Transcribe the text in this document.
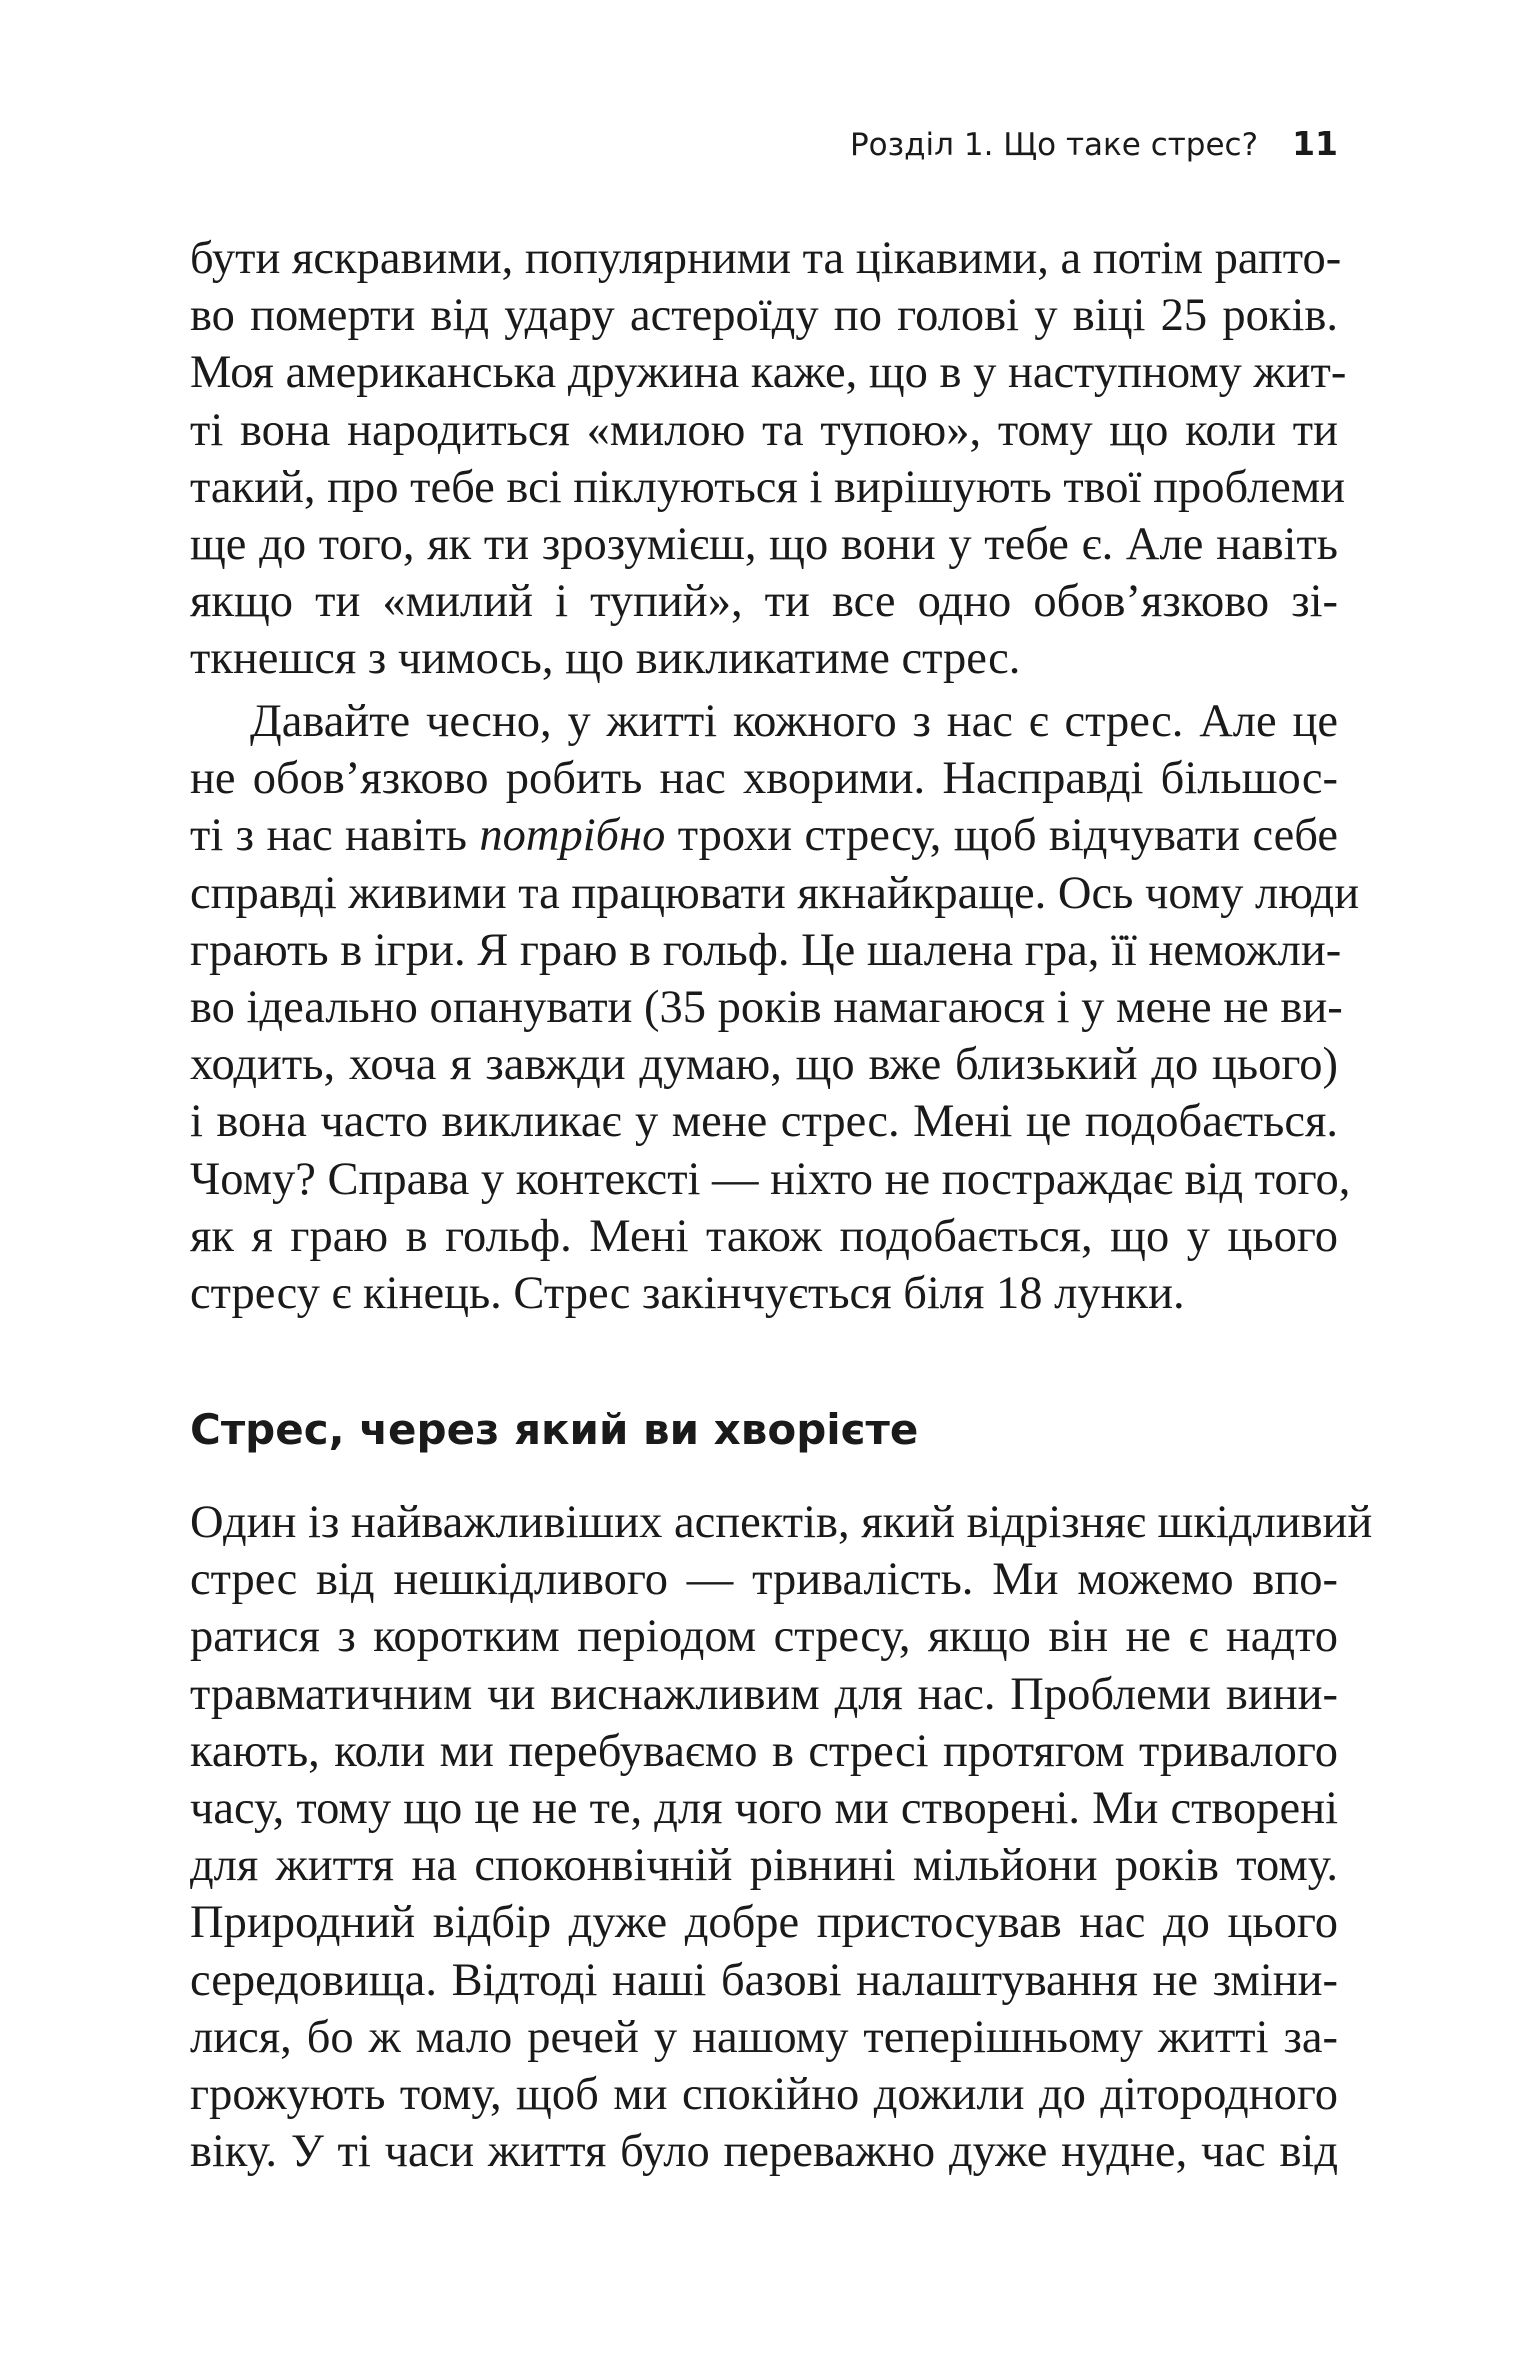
Розділ 1. Що таке стрес? 11
бути яскравими, популярними та цікавими, а потім рапто-
во померти від удару астероїду по голові у віці 25 років.
Моя американська дружина каже, що в у наступному жит-
ті вона народиться «милою та тупою», тому що коли ти
такий, про тебе всі піклуються і вирішують твої проблеми
ще до того, як ти зрозумієш, що вони у тебе є. Але навіть
якщо ти «милий і тупий», ти все одно обов’язково зі-
ткнешся з чимось, що викликатиме стрес.
Давайте чесно, у житті кожного з нас є стрес. Але це
не обов’язково робить нас хворими. Насправді більшос-
ті з нас навіть потрібно трохи стресу, щоб відчувати себе
справді живими та працювати якнайкраще. Ось чому люди
грають в ігри. Я граю в гольф. Це шалена гра, її неможли-
во ідеально опанувати (35 років намагаюся і у мене не ви-
ходить, хоча я завжди думаю, що вже близький до цього)
і вона часто викликає у мене стрес. Мені це подобається.
Чому? Справа у контексті — ніхто не постраждає від того,
як я граю в гольф. Мені також подобається, що у цього
стресу є кінець. Стрес закінчується біля 18 лунки.
Стрес, через який ви хворієте
Один із найважливіших аспектів, який відрізняє шкідливий
стрес від нешкідливого — тривалість. Ми можемо впо-
ратися з коротким періодом стресу, якщо він не є надто
травматичним чи виснажливим для нас. Проблеми вини-
кають, коли ми перебуваємо в стресі протягом тривалого
часу, тому що це не те, для чого ми створені. Ми створені
для життя на споконвічній рівнині мільйони років тому.
Природний відбір дуже добре пристосував нас до цього
середовища. Відтоді наші базові налаштування не зміни-
лися, бо ж мало речей у нашому теперішньому житті за-
грожують тому, щоб ми спокійно дожили до дітородного
віку. У ті часи життя було переважно дуже нудне, час від
